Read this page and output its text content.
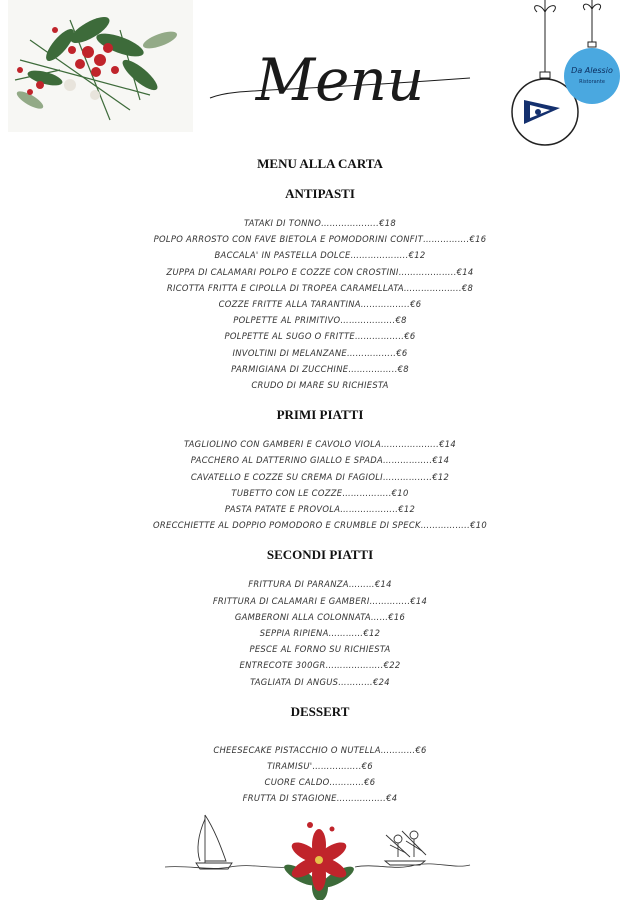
Menu	Da Alessio
Ristorante
MENU ALLA CARTA
ANTIPASTI
TATAKI DI TONNO………………..€18
POLPO ARROSTO CON FAVE BIETOLA E POMODORINI CONFIT…………….€16
BACCALA' IN PASTELLA DOLCE………………..€12
ZUPPA DI CALAMARI POLPO E COZZE CON CROSTINI………………..€14
RICOTTA FRITTA E CIPOLLA DI TROPEA CARAMELLATA………………..€8
COZZE FRITTE ALLA TARANTINA……………..€6
POLPETTE AL PRIMITIVO……………….€8
POLPETTE AL SUGO O FRITTE……………..€6
INVOLTINI DI MELANZANE……………..€6
PARMIGIANA DI ZUCCHINE……………..€8
CRUDO DI MARE SU RICHIESTA
PRIMI PIATTI
TAGLIOLINO CON GAMBERI E CAVOLO VIOLA………………..€14
PACCHERO AL DATTERINO GIALLO E SPADA……………..€14
CAVATELLO E COZZE SU CREMA DI FAGIOLI……………..€12
TUBETTO CON LE COZZE……………..€10
PASTA PATATE E PROVOLA………………..€12
ORECCHIETTE AL DOPPIO POMODORO E CRUMBLE DI SPECK……………..€10
SECONDI PIATTI
FRITTURA DI PARANZA………€14
FRITTURA DI CALAMARI E GAMBERI…………..€14
GAMBERONI ALLA COLONNATA……€16
SEPPIA RIPIENA…………€12
PESCE AL FORNO SU RICHIESTA
ENTRECOTE 300GR………………..€22
TAGLIATA DI ANGUS…………€24
DESSERT
CHEESECAKE PISTACCHIO O NUTELLA…………€6
TIRAMISU'……………..€6
CUORE CALDO…………€6
FRUTTA DI STAGIONE……………..€4
